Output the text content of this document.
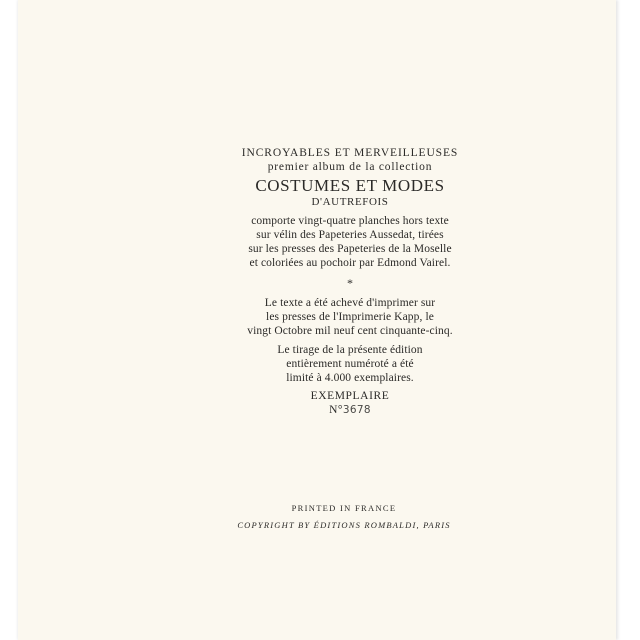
INCROYABLES ET MERVEILLEUSES
premier album de la collection
COSTUMES ET MODES
D'AUTREFOIS
comporte vingt-quatre planches hors texte
sur vélin des Papeteries Aussedat, tirées
sur les presses des Papeteries de la Moselle
et coloriées au pochoir par Edmond Vairel.
*
Le texte a été achevé d'imprimer sur
les presses de l'Imprimerie Kapp, le
vingt Octobre mil neuf cent cinquante-cinq.
Le tirage de la présente édition
entièrement numéroté a été
limité à 4.000 exemplaires.
EXEMPLAIRE
N°3678
PRINTED IN FRANCE
COPYRIGHT BY ÉDITIONS ROMBALDI, PARIS
